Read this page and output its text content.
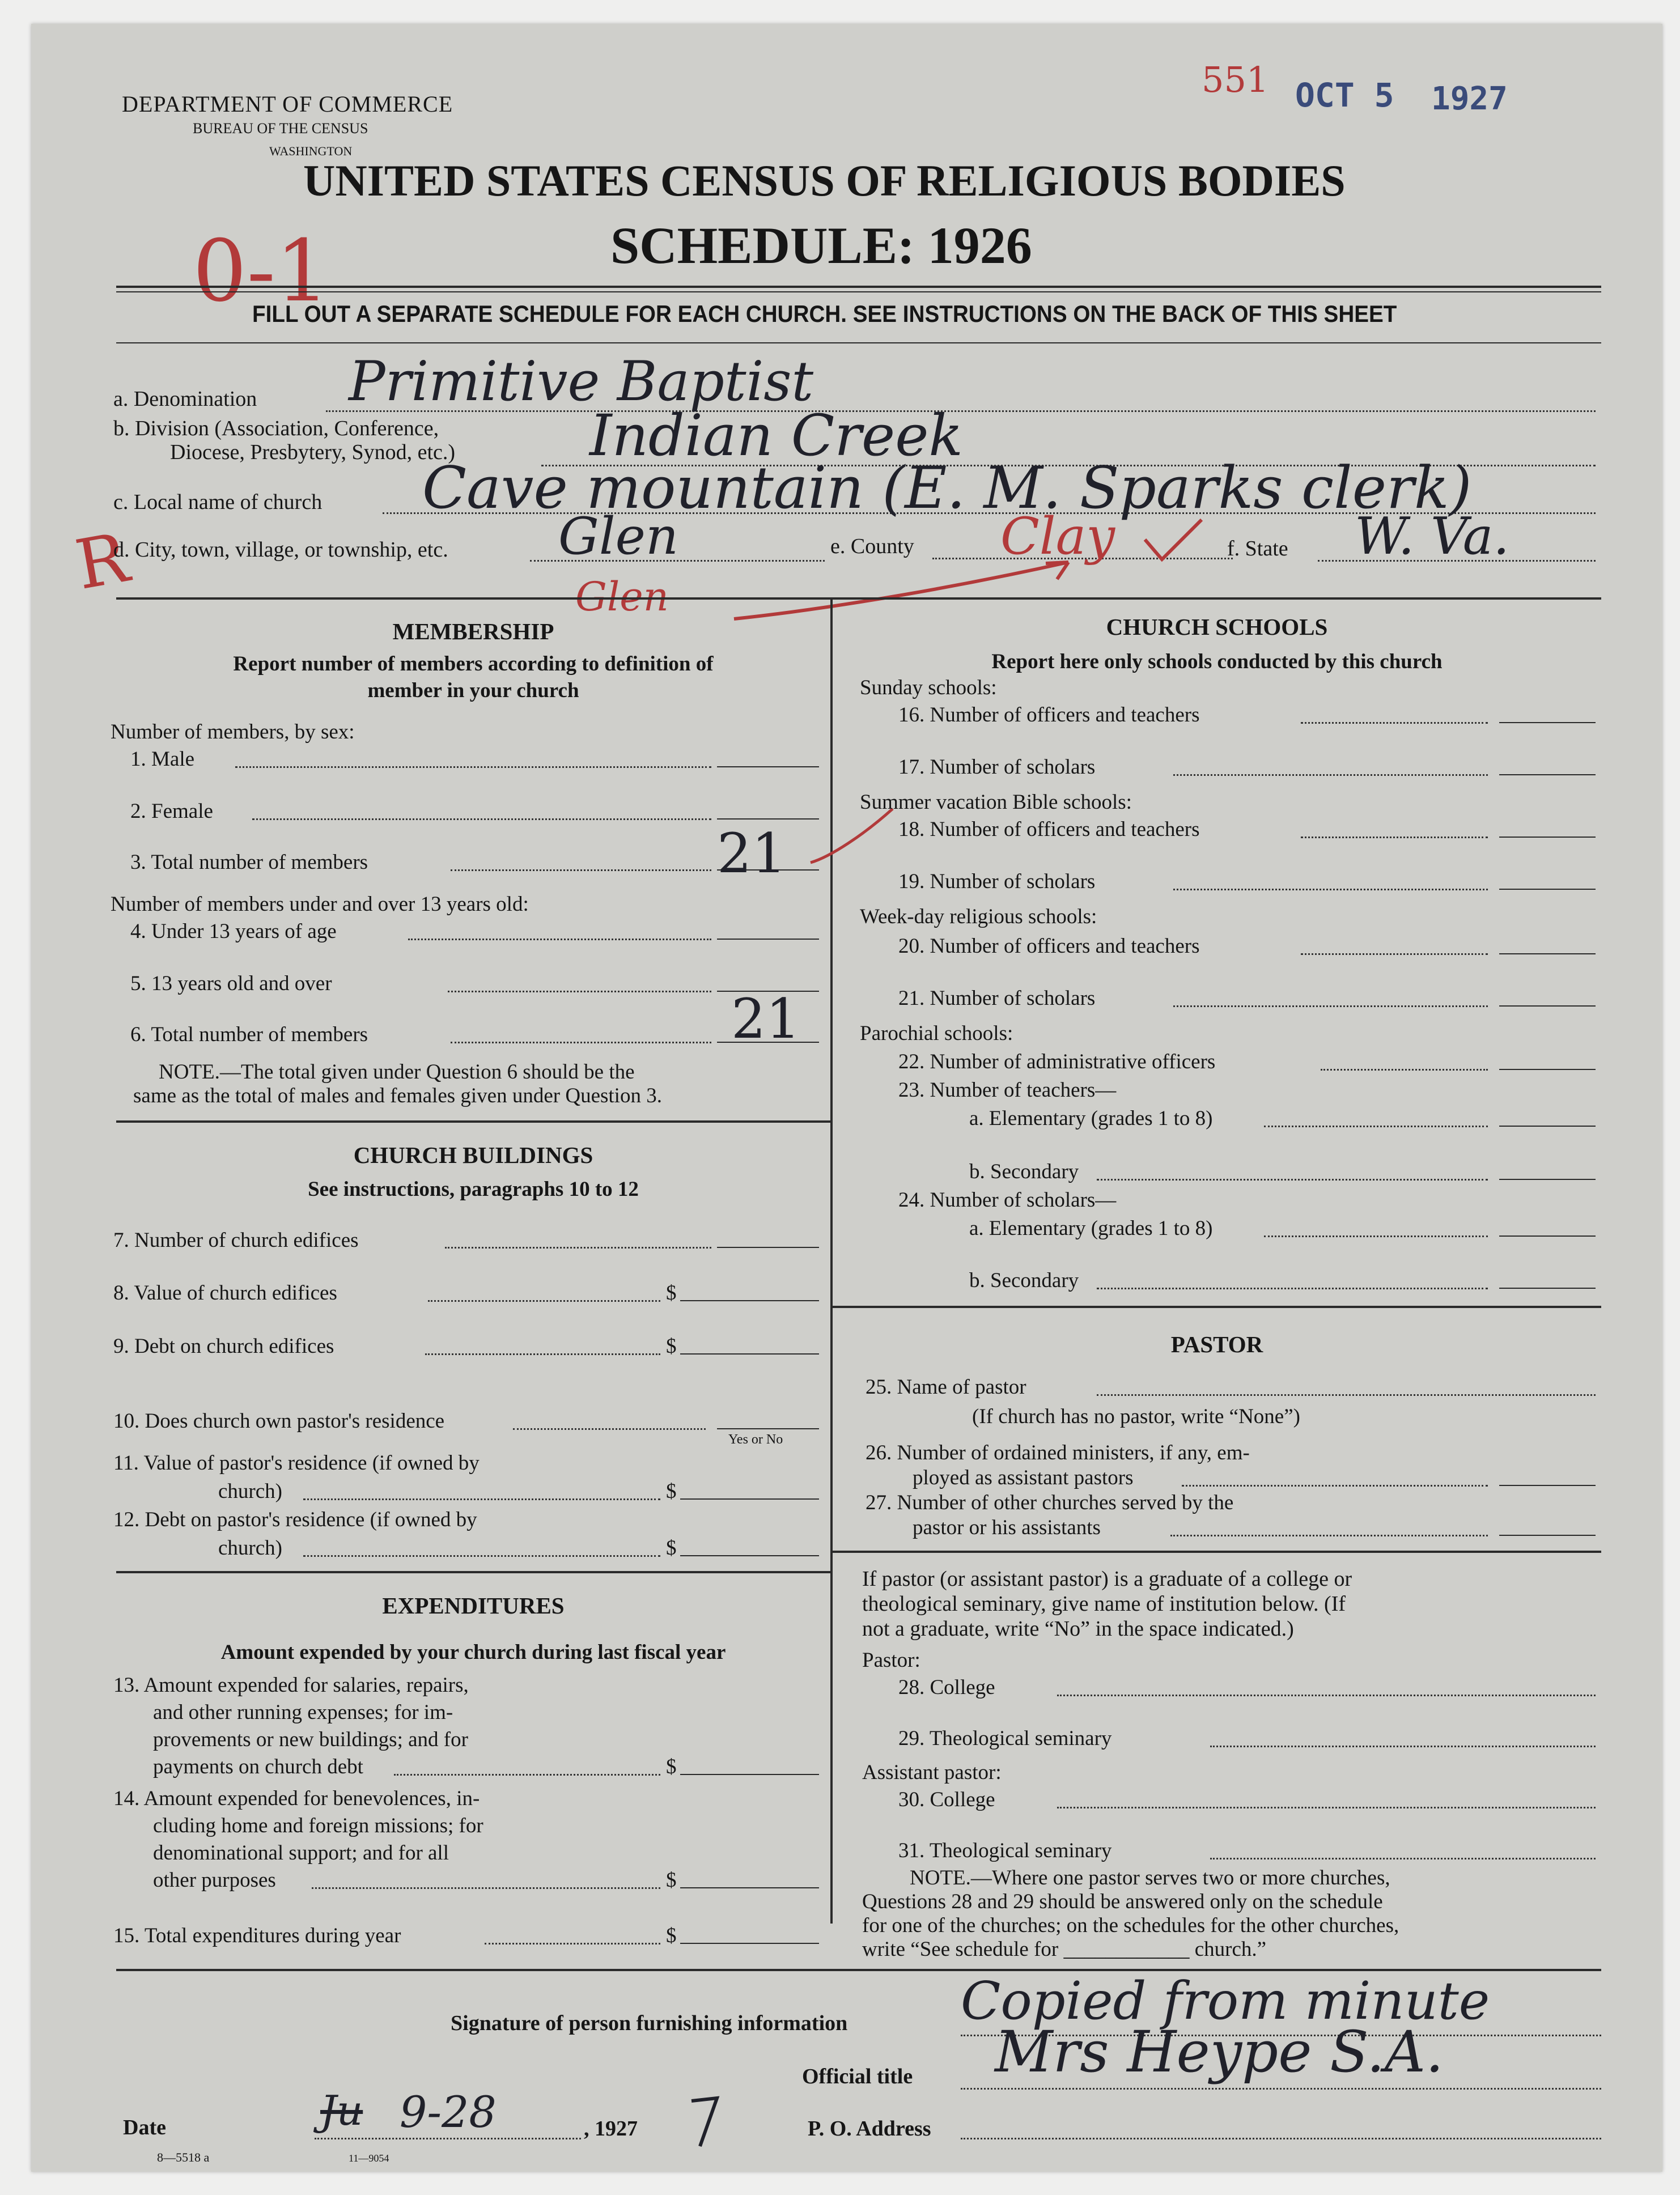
551 OCT 5 1927
0-1
R
DEPARTMENT OF COMMERCE
BUREAU OF THE CENSUS
WASHINGTON
UNITED STATES CENSUS OF RELIGIOUS BODIES
SCHEDULE: 1926
FILL OUT A SEPARATE SCHEDULE FOR EACH CHURCH. SEE INSTRUCTIONS ON THE BACK OF THIS SHEET
a. Denomination Primitive Baptist
b. Division (Association, Conference,
Diocese, Presbytery, Synod, etc.) Indian Creek
c. Local name of church Cave mountain (E. M. Sparks clerk)
d. City, town, village, or township, etc. Glen	e. County Clay	f. State W. Va.
Glen
MEMBERSHIP
Report number of members according to definition of
member in your church
Number of members, by sex:
1. Male
2. Female
3. Total number of members	21
Number of members under and over 13 years old:
4. Under 13 years of age
5. 13 years old and over
6. Total number of members	21
NOTE.—The total given under Question 6 should be the
same as the total of males and females given under Question 3.
CHURCH BUILDINGS
See instructions, paragraphs 10 to 12
7. Number of church edifices
8. Value of church edifices	$
9. Debt on church edifices	$
10. Does church own pastor's residence
Yes or No
11. Value of pastor's residence (if owned by
church)	$
12. Debt on pastor's residence (if owned by
church)	$
EXPENDITURES
Amount expended by your church during last fiscal year
13. Amount expended for salaries, repairs,
and other running expenses; for im-
provements or new buildings; and for
payments on church debt	$
14. Amount expended for benevolences, in-
cluding home and foreign missions; for
denominational support; and for all
other purposes	$
15. Total expenditures during year	$
CHURCH SCHOOLS
Report here only schools conducted by this church
Sunday schools:
16. Number of officers and teachers
17. Number of scholars
Summer vacation Bible schools:
18. Number of officers and teachers
19. Number of scholars
Week-day religious schools:
20. Number of officers and teachers
21. Number of scholars
Parochial schools:
22. Number of administrative officers
23. Number of teachers—
a. Elementary (grades 1 to 8)
b. Secondary
24. Number of scholars—
a. Elementary (grades 1 to 8)
b. Secondary
PASTOR
25. Name of pastor
(If church has no pastor, write “None”)
26. Number of ordained ministers, if any, em-
ployed as assistant pastors
27. Number of other churches served by the
pastor or his assistants
If pastor (or assistant pastor) is a graduate of a college or
theological seminary, give name of institution below. (If
not a graduate, write “No” in the space indicated.)
Pastor:
28. College
29. Theological seminary
Assistant pastor:
30. College
31. Theological seminary
NOTE.—Where one pastor serves two or more churches,
Questions 28 and 29 should be answered only on the schedule
for one of the churches; on the schedules for the other churches,
write “See schedule for ____________ church.”
Signature of person furnishing information Copied from minute
Official title Mrs Heype S.A.
Date	Ju 9-28	, 1927	P. O. Address
8—5518 a	11—9054
